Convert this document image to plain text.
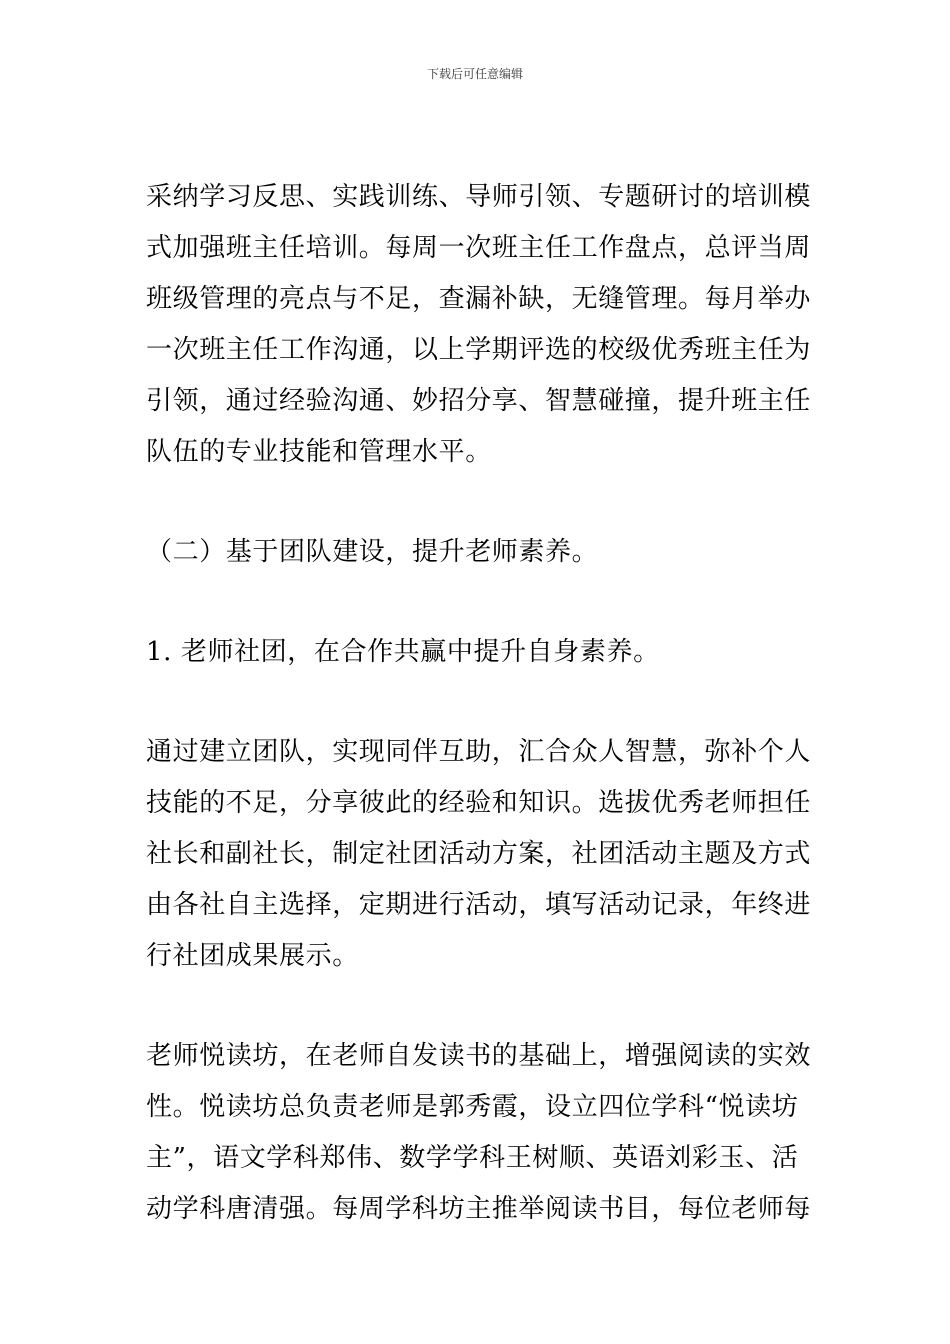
下载后可任意编辑

采纳学习反思、实践训练、导师引领、专题研讨的培训模
式加强班主任培训。每周一次班主任工作盘点，总评当周
班级管理的亮点与不足，查漏补缺，无缝管理。每月举办
一次班主任工作沟通，以上学期评选的校级优秀班主任为
引领，通过经验沟通、妙招分享、智慧碰撞，提升班主任
队伍的专业技能和管理水平。

（二）基于团队建设，提升老师素养。

1. 老师社团，在合作共赢中提升自身素养。

通过建立团队，实现同伴互助，汇合众人智慧，弥补个人
技能的不足，分享彼此的经验和知识。选拔优秀老师担任
社长和副社长，制定社团活动方案，社团活动主题及方式
由各社自主选择，定期进行活动，填写活动记录，年终进
行社团成果展示。

老师悦读坊，在老师自发读书的基础上，增强阅读的实效
性。悦读坊总负责老师是郭秀霞，设立四位学科“悦读坊
主”，语文学科郑伟、数学学科王树顺、英语刘彩玉、活
动学科唐清强。每周学科坊主推举阅读书目，每位老师每
